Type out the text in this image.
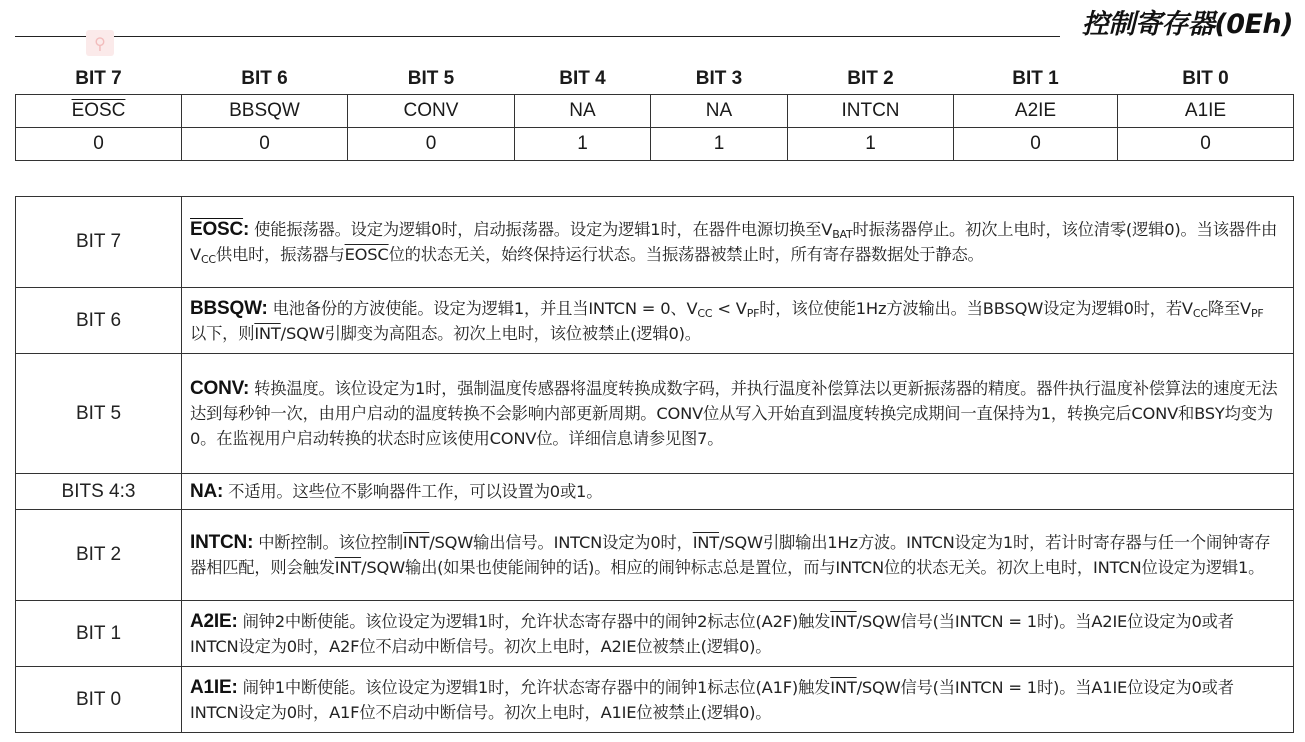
控制寄存器(0Eh)
⚲
BIT 7	BIT 6	BIT 5	BIT 4	BIT 3	BIT 2	BIT 1	BIT 0
EOSC	BBSQW	CONV	NA	NA	INTCN	A2IE	A1IE
0	0	0	1	1	1	0	0
BIT 7	EOSC: 使能振荡器。设定为逻辑0时，启动振荡器。设定为逻辑1时，在器件电源切换至$V_{BAT}$时振荡器停止。初次上电时，该位清零(逻辑0)。当该器件由$V_{CC}$供电时，振荡器与EOSC位的状态无关，始终保持运行状态。当振荡器被禁止时，所有寄存器数据处于静态。
BIT 6	BBSQW: 电池备份的方波使能。设定为逻辑1，并且当INTCN = 0、$V_{CC} < V_{PF}$时，该位使能1Hz方波输出。当BBSQW设定为逻辑0时，若$V_{CC}$降至$V_{PF}$以下，则$\overline{INT}$/SQW引脚变为高阻态。初次上电时，该位被禁止(逻辑0)。
BIT 5	CONV: 转换温度。该位设定为1时，强制温度传感器将温度转换成数字码，并执行温度补偿算法以更新振荡器的精度。器件执行温度补偿算法的速度无法达到每秒钟一次，由用户启动的温度转换不会影响内部更新周期。CONV位从写入开始直到温度转换完成期间一直保持为1，转换完后CONV和BSY均变为0。在监视用户启动转换的状态时应该使用CONV位。详细信息请参见图7。
BITS 4:3	NA: 不适用。这些位不影响器件工作，可以设置为0或1。
BIT 2	INTCN: 中断控制。该位控制$\overline{INT}$/SQW输出信号。INTCN设定为0时，$\overline{INT}$/SQW引脚输出1Hz方波。INTCN设定为1时，若计时寄存器与任一个闹钟寄存器相匹配，则会触发$\overline{INT}$/SQW输出(如果也使能闹钟的话)。相应的闹钟标志总是置位，而与INTCN位的状态无关。初次上电时，INTCN位设定为逻辑1。
BIT 1	A2IE: 闹钟2中断使能。该位设定为逻辑1时，允许状态寄存器中的闹钟2标志位(A2F)触发$\overline{INT}$/SQW信号(当INTCN = 1时)。当A2IE位设定为0或者INTCN设定为0时，A2F位不启动中断信号。初次上电时，A2IE位被禁止(逻辑0)。
BIT 0	A1IE: 闹钟1中断使能。该位设定为逻辑1时，允许状态寄存器中的闹钟1标志位(A1F)触发$\overline{INT}$/SQW信号(当INTCN = 1时)。当A1IE位设定为0或者INTCN设定为0时，A1F位不启动中断信号。初次上电时，A1IE位被禁止(逻辑0)。
